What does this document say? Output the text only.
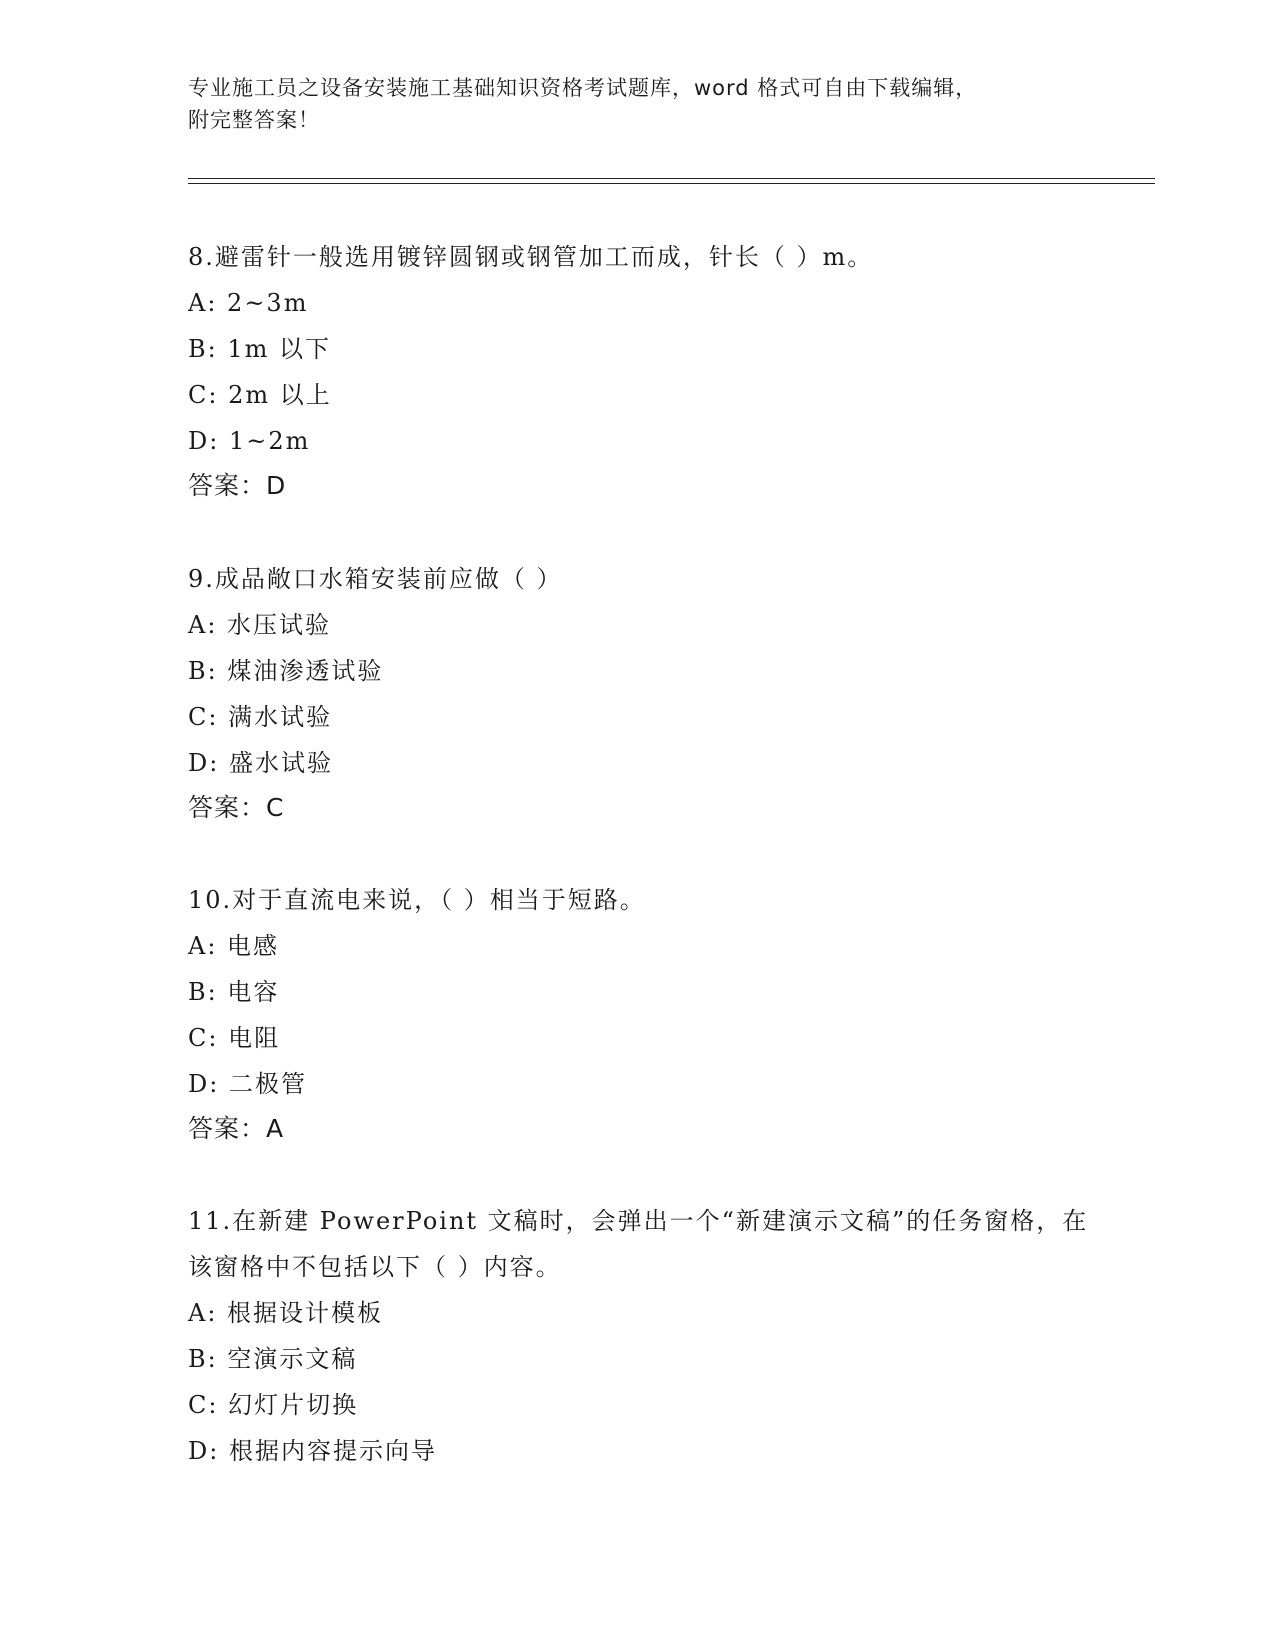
专业施工员之设备安装施工基础知识资格考试题库，word 格式可自由下载编辑，
附完整答案！
8.避雷针一般选用镀锌圆钢或钢管加工而成，针长（ ）m。
A: 2~3m
B: 1m 以下
C: 2m 以上
D: 1~2m
答案：D
9.成品敞口水箱安装前应做（ ）
A: 水压试验
B: 煤油渗透试验
C: 满水试验
D: 盛水试验
答案：C
10.对于直流电来说，（ ）相当于短路。
A: 电感
B: 电容
C: 电阻
D: 二极管
答案：A
11.在新建 PowerPoint 文稿时，会弹出一个“新建演示文稿”的任务窗格，在该窗格中不包括以下（ ）内容。
A: 根据设计模板
B: 空演示文稿
C: 幻灯片切换
D: 根据内容提示向导
